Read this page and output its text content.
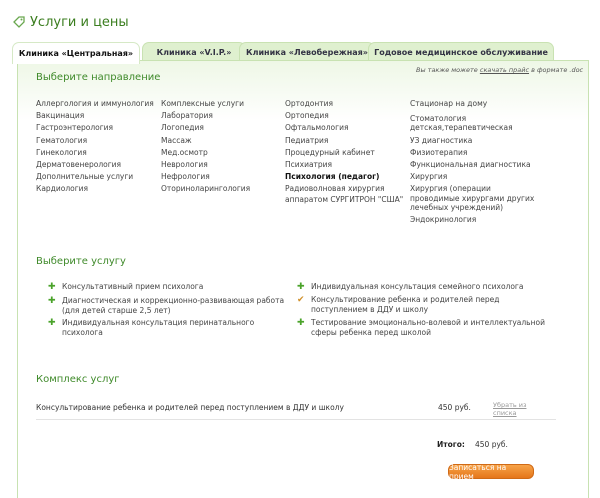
Услуги и цены
Клиника «Центральная»	Клиника «V.I.P.»	Клиника «Левобережная» Годовое медицинское обслуживание
Выберите направление
Вы также можете скачать прайс в формате .doc
Аллергология и иммунология
Вакцинация
Гастроэнтерология
Гематология
Гинекология
Дерматовенерология
Дополнительные услуги
Кардиология
Комплексные услуги
Лаборатория
Логопедия
Массаж
Мед.осмотр
Неврология
Нефрология
Оториноларингология
Ортодонтия
Ортопедия
Офтальмология
Педиатрия
Процедурный кабинет
Психиатрия
Психология (педагог)
Радиоволновая хирургия
аппаратом СУРГИТРОН "США"
Стационар на дому
Стоматология
детская,терапевтическая
УЗ диагностика
Физиотерапия
Функциональная диагностика
Хирургия
Хирургия (операции
проводимые хирургами других
лечебных учреждений)
Эндокринология
Выберите услугу
✚ Консультативный прием психолога
✚ Диагностическая и коррекционно-развивающая работа (для детей старше 2,5 лет)
✚ Индивидуальная консультация перинатального психолога
✚ Индивидуальная консультация семейного психолога
✔ Консультирование ребенка и родителей перед поступлением в ДДУ и школу
✚ Тестирование эмоционально-волевой и интеллектуальной сферы ребенка перед школой
Комплекс услуг
Консультирование ребенка и родителей перед поступлением в ДДУ и школу	450 руб.	Убрать из списка
Итого: 450 руб.
Записаться на прием
